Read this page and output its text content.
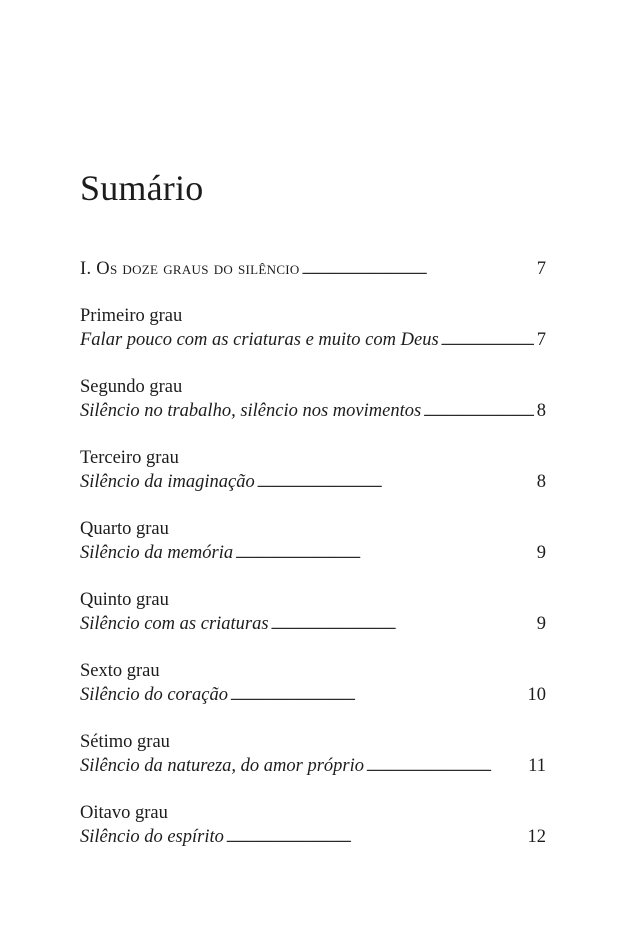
Sumário
I. Os doze graus do silêncio . . .	7
Primeiro grau
Falar pouco com as criaturas e muito com Deus . . .	7
Segundo grau
Silêncio no trabalho, silêncio nos movimentos . . .	8
Terceiro grau
Silêncio da imaginação . . .	8
Quarto grau
Silêncio da memória . . .	9
Quinto grau
Silêncio com as criaturas . . .	9
Sexto grau
Silêncio do coração . . .	10
Sétimo grau
Silêncio da natureza, do amor próprio . . .	11
Oitavo grau
Silêncio do espírito . . .	12
